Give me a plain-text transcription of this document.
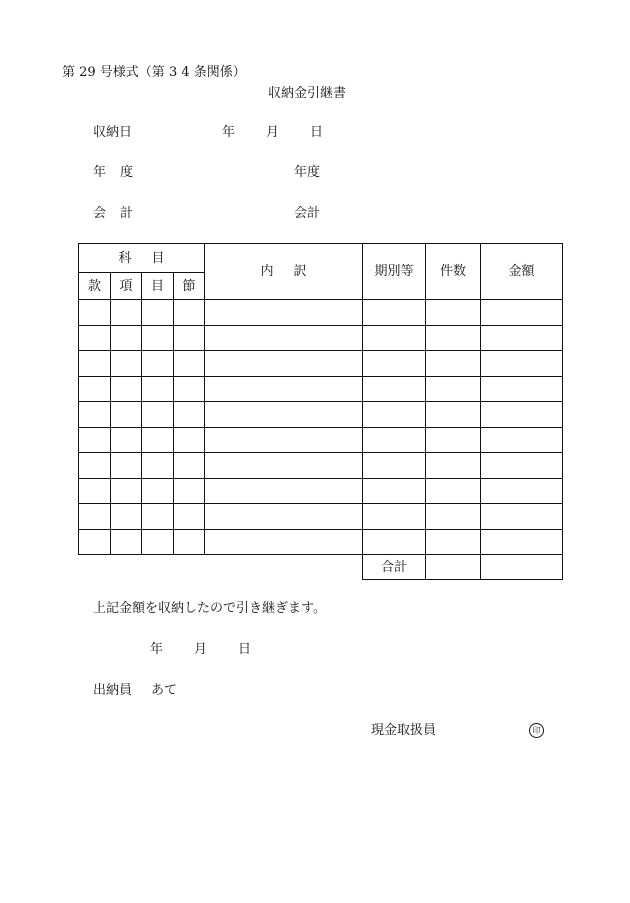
第 29 号様式（第 3 4 条関係）
収納金引継書
収納日	年 月 日
年度	年度
会計	会計
科目				内訳	期別等	件数	金額
款	項	目	節				

					合計		
上記金額を収納したので引き継ぎます。
年 月 日
出納員 あて
現金取扱員	印
